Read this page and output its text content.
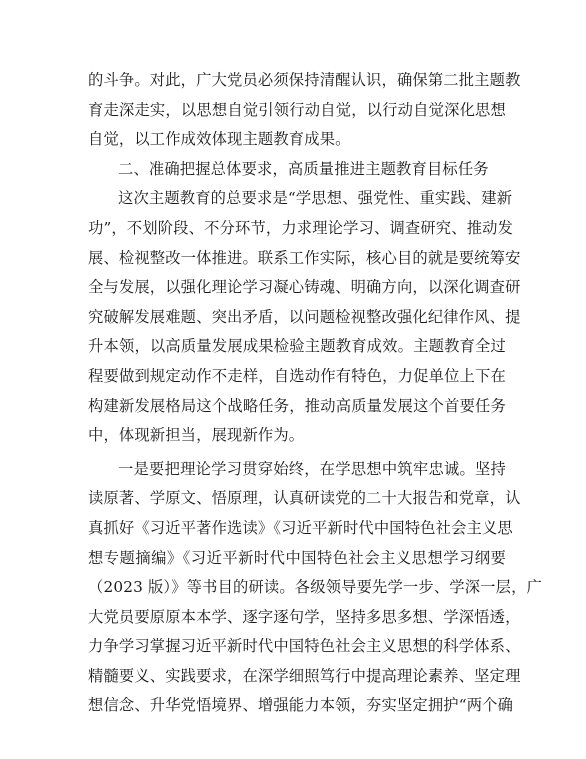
的斗争。对此，广大党员必须保持清醒认识，确保第二批主题教
育走深走实，以思想自觉引领行动自觉，以行动自觉深化思想
自觉，以工作成效体现主题教育成果。
二、准确把握总体要求，高质量推进主题教育目标任务
这次主题教育的总要求是“学思想、强党性、重实践、建新
功”，不划阶段、不分环节，力求理论学习、调查研究、推动发
展、检视整改一体推进。联系工作实际，核心目的就是要统筹安
全与发展，以强化理论学习凝心铸魂、明确方向，以深化调查研
究破解发展难题、突出矛盾，以问题检视整改强化纪律作风、提
升本领，以高质量发展成果检验主题教育成效。主题教育全过
程要做到规定动作不走样，自选动作有特色，力促单位上下在
构建新发展格局这个战略任务，推动高质量发展这个首要任务
中，体现新担当，展现新作为。
一是要把理论学习贯穿始终，在学思想中筑牢忠诚。坚持
读原著、学原文、悟原理，认真研读党的二十大报告和党章，认
真抓好《习近平著作选读》《习近平新时代中国特色社会主义思
想专题摘编》《习近平新时代中国特色社会主义思想学习纲要
（2023 版）》等书目的研读。各级领导要先学一步、学深一层，广
大党员要原原本本学、逐字逐句学，坚持多思多想、学深悟透，
力争学习掌握习近平新时代中国特色社会主义思想的科学体系、
精髓要义、实践要求，在深学细照笃行中提高理论素养、坚定理
想信念、升华党悟境界、增强能力本领，夯实坚定拥护“两个确
